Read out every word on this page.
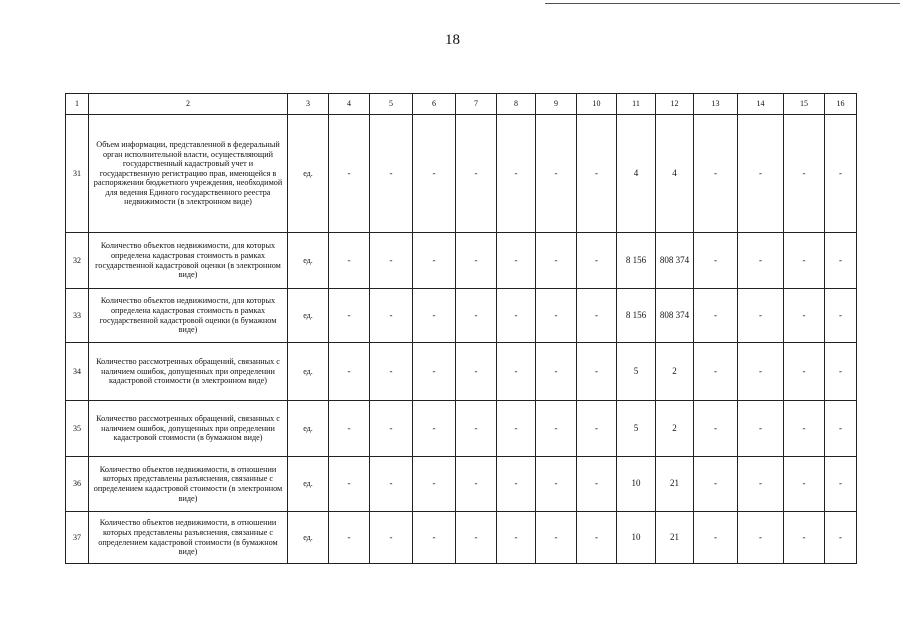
18
1	2	3	4	5	6	7	8	9	10	11	12	13	14	15	16
31	Объем информации, представленной в федеральный орган исполнительной власти, осуществляющий государственный кадастровый учет и государственную регистрацию прав, имеющейся в распоряжении бюджетного учреждения, необходимой для ведения Единого государственного реестра недвижимости (в электронном виде)	ед.	-	-	-	-	-	-	-	4	4	-	-	-	-
32	Количество объектов недвижимости, для которых определена кадастровая стоимость в рамках государственной кадастровой оценки (в электронном виде)	ед.	-	-	-	-	-	-	-	8 156	808 374	-	-	-	-
33	Количество объектов недвижимости, для которых определена кадастровая стоимость в рамках государственной кадастровой оценки (в бумажном виде)	ед.	-	-	-	-	-	-	-	8 156	808 374	-	-	-	-
34	Количество рассмотренных обращений, связанных с наличием ошибок, допущенных при определении кадастровой стоимости (в электронном виде)	ед.	-	-	-	-	-	-	-	5	2	-	-	-	-
35	Количество рассмотренных обращений, связанных с наличием ошибок, допущенных при определении кадастровой стоимости (в бумажном виде)	ед.	-	-	-	-	-	-	-	5	2	-	-	-	-
36	Количество объектов недвижимости, в отношении которых представлены разъяснения, связанные с определением кадастровой стоимости (в электронном виде)	ед.	-	-	-	-	-	-	-	10	21	-	-	-	-
37	Количество объектов недвижимости, в отношении которых представлены разъяснения, связанные с определением кадастровой стоимости (в бумажном виде)	ед.	-	-	-	-	-	-	-	10	21	-	-	-	-
